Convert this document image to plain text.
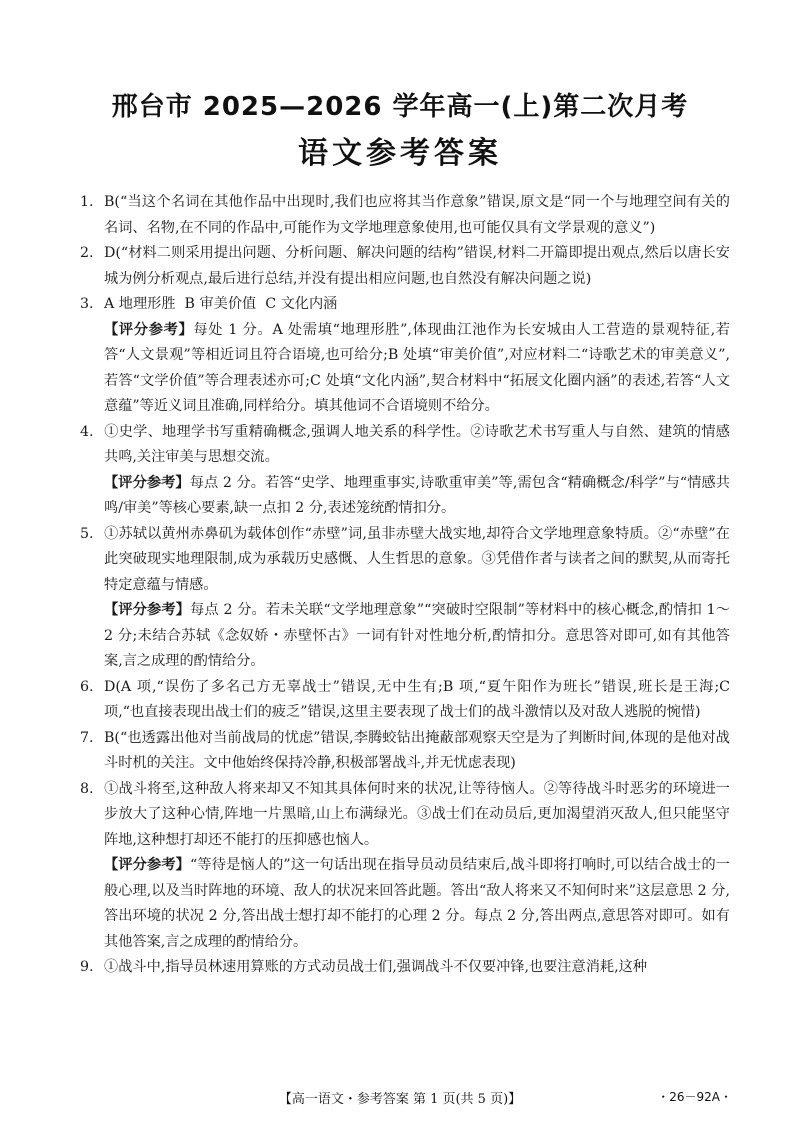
邢台市 2025—2026 学年高一(上)第二次月考
语文参考答案

1. B(“当这个名词在其他作品中出现时,我们也应将其当作意象”错误,原文是“同一个与地理空间有关的名词、名物,在不同的作品中,可能作为文学地理意象使用,也可能仅具有文学景观的意义”)

2. D(“材料二则采用提出问题、分析问题、解决问题的结构”错误,材料二开篇即提出观点,然后以唐长安城为例分析观点,最后进行总结,并没有提出相应问题,也自然没有解决问题之说)

3. A 地理形胜  B 审美价值  C 文化内涵

【评分参考】每处 1 分。A 处需填“地理形胜”,体现曲江池作为长安城由人工营造的景观特征,若答“人文景观”等相近词且符合语境,也可给分;B 处填“审美价值”,对应材料二“诗歌艺术的审美意义”,若答“文学价值”等合理表述亦可;C 处填“文化内涵”,契合材料中“拓展文化圈内涵”的表述,若答“人文意蕴”等近义词且准确,同样给分。填其他词不合语境则不给分。

4. ①史学、地理学书写重精确概念,强调人地关系的科学性。②诗歌艺术书写重人与自然、建筑的情感共鸣,关注审美与思想交流。

【评分参考】每点 2 分。若答“史学、地理重事实,诗歌重审美”等,需包含“精确概念/科学”与“情感共鸣/审美”等核心要素,缺一点扣 2 分,表述笼统酌情扣分。

5. ①苏轼以黄州赤鼻矶为载体创作“赤壁”词,虽非赤壁大战实地,却符合文学地理意象特质。②“赤壁”在此突破现实地理限制,成为承载历史感慨、人生哲思的意象。③凭借作者与读者之间的默契,从而寄托特定意蕴与情感。

【评分参考】每点 2 分。若未关联“文学地理意象”“突破时空限制”等材料中的核心概念,酌情扣 1～2 分;未结合苏轼《念奴娇・赤壁怀古》一词有针对性地分析,酌情扣分。意思答对即可,如有其他答案,言之成理的酌情给分。

6. D(A 项,“误伤了多名己方无辜战士”错误,无中生有;B 项,“夏午阳作为班长”错误,班长是王海;C 项,“也直接表现出战士们的疲乏”错误,这里主要表现了战士们的战斗激情以及对敌人逃脱的惋惜)

7. B(“也透露出他对当前战局的忧虑”错误,李腾蛟钻出掩蔽部观察天空是为了判断时间,体现的是他对战斗时机的关注。文中他始终保持冷静,积极部署战斗,并无忧虑表现)

8. ①战斗将至,这种敌人将来却又不知其具体何时来的状况,让等待恼人。②等待战斗时恶劣的环境进一步放大了这种心情,阵地一片黑暗,山上布满绿光。③战士们在动员后,更加渴望消灭敌人,但只能坚守阵地,这种想打却还不能打的压抑感也恼人。

【评分参考】“等待是恼人的”这一句话出现在指导员动员结束后,战斗即将打响时,可以结合战士的一般心理,以及当时阵地的环境、敌人的状况来回答此题。答出“敌人将来又不知何时来”这层意思 2 分,答出环境的状况 2 分,答出战士想打却不能打的心理 2 分。每点 2 分,答出两点,意思答对即可。如有其他答案,言之成理的酌情给分。

9. ①战斗中,指导员林速用算账的方式动员战士们,强调战斗不仅要冲锋,也要注意消耗,这种

【高一语文・参考答案 第 1 页(共 5 页)】	・26－92A・
